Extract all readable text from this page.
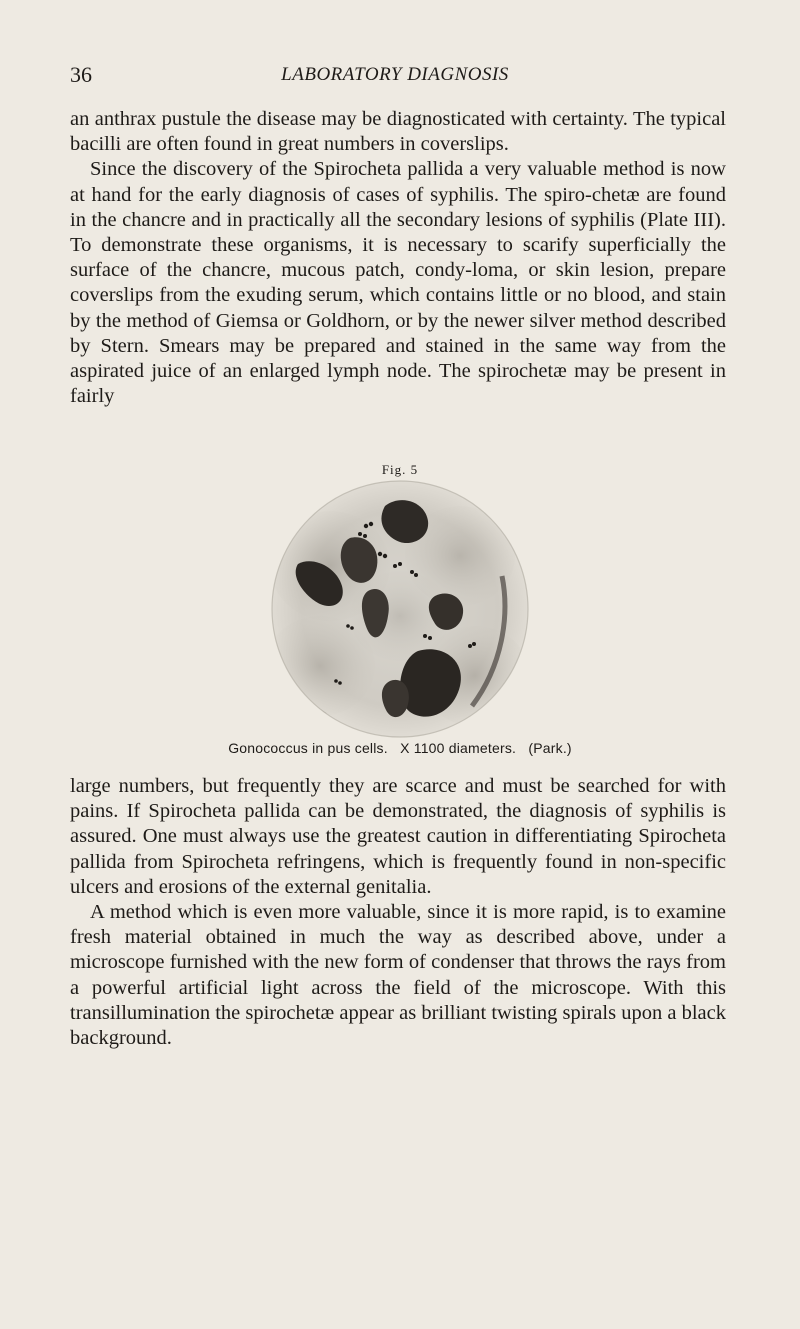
36	LABORATORY DIAGNOSIS

an anthrax pustule the disease may be diagnosticated with certainty. The typical bacilli are often found in great numbers in coverslips.

Since the discovery of the Spirocheta pallida a very valuable method is now at hand for the early diagnosis of cases of syphilis. The spiro-chetæ are found in the chancre and in practically all the secondary lesions of syphilis (Plate III). To demonstrate these organisms, it is necessary to scarify superficially the surface of the chancre, mucous patch, condy-loma, or skin lesion, prepare coverslips from the exuding serum, which contains little or no blood, and stain by the method of Giemsa or Goldhorn, or by the newer silver method described by Stern. Smears may be prepared and stained in the same way from the aspirated juice of an enlarged lymph node. The spirochetæ may be present in fairly

Fig. 5
Gonococcus in pus cells. X 1100 diameters. (Park.)

large numbers, but frequently they are scarce and must be searched for with pains. If Spirocheta pallida can be demonstrated, the diagnosis of syphilis is assured. One must always use the greatest caution in differentiating Spirocheta pallida from Spirocheta refringens, which is frequently found in non-specific ulcers and erosions of the external genitalia.

A method which is even more valuable, since it is more rapid, is to examine fresh material obtained in much the way as described above, under a microscope furnished with the new form of condenser that throws the rays from a powerful artificial light across the field of the microscope. With this transillumination the spirochetæ appear as brilliant twisting spirals upon a black background.
